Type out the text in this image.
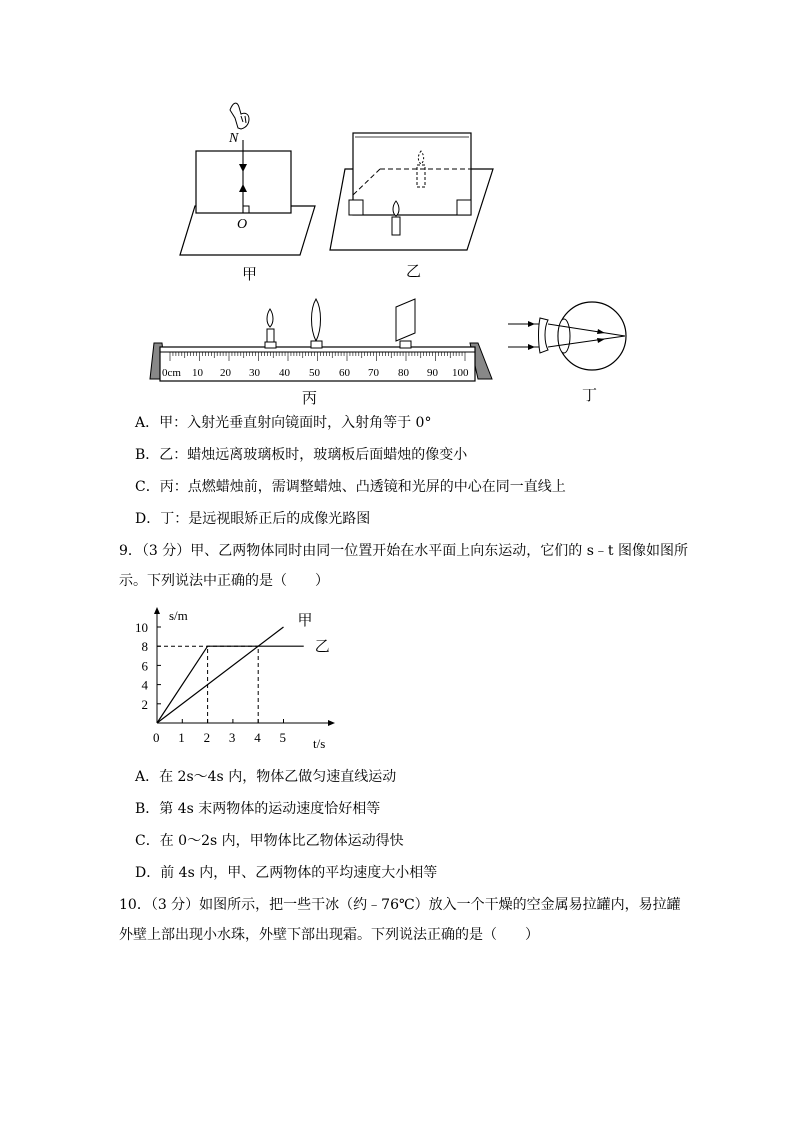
N
O
甲	乙
0cm 10 20 30 40 50 60 70 80 90 100
丙	丁
A．甲：入射光垂直射向镜面时，入射角等于 0°
B．乙：蜡烛远离玻璃板时，玻璃板后面蜡烛的像变小
C．丙：点燃蜡烛前，需调整蜡烛、凸透镜和光屏的中心在同一直线上
D．丁：是远视眼矫正后的成像光路图
9．（3 分）甲、乙两物体同时由同一位置开始在水平面上向东运动，它们的 s﹣t 图像如图所
示。下列说法中正确的是（　　）
s/m
t/s
0 1 2 3 4 5
2
4
6
8
10	甲
乙
A．在 2s～4s 内，物体乙做匀速直线运动
B．第 4s 末两物体的运动速度恰好相等
C．在 0～2s 内，甲物体比乙物体运动得快
D．前 4s 内，甲、乙两物体的平均速度大小相等
10．（3 分）如图所示，把一些干冰（约﹣76℃）放入一个干燥的空金属易拉罐内，易拉罐
外壁上部出现小水珠，外壁下部出现霜。下列说法正确的是（　　）
